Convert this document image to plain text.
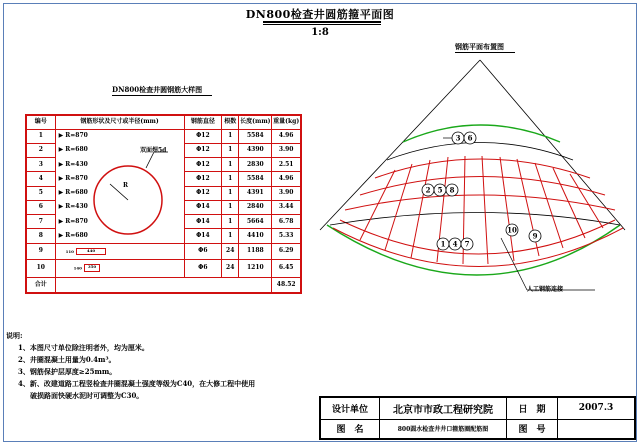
DN800检查井圆筋箍平面图
1:8
DN800检查井圆钢筋大样图
编号	钢筋形状及尺寸或半径(mm)	钢筋直径	根数	长度(mm)	重量(kg)
1	▶ R=870	Φ12	1	5584	4.96
2	▶ R=680	Φ12	1	4390	3.90
3	▶ R=430	Φ12	1	2830	2.51
4	▶ R=870	Φ12	1	5584	4.96
5	▶ R=680	Φ12	1	4391	3.90
6	▶ R=430	Φ14	1	2840	3.44
7	▶ R=870	Φ14	1	5664	6.78
8	▶ R=680	Φ14	1	4410	5.33
9	110 440	Φ6	24	1188	6.29
10	140 350	Φ6	24	1210	6.45
合计					48.52
双面焊5d
R
钢筋平面布置图
3 6
2 5 8
1 4 7
10
9
人工钢筋连接
说明:
1、本图尺寸单位除注明者外，均为厘米。
2、井圈混凝土用量为0.4m³。
3、钢筋保护层厚度≥25mm。
4、新、改建道路工程竖检查井圈混凝土强度等级为C40，在大修工程中使用
破损路面快硬水泥时可调整为C30。
设计单位	北京市市政工程研究院	日　期	2007.3
图　名	800圆水检查井井口箍筋圈配筋图	图　号	
